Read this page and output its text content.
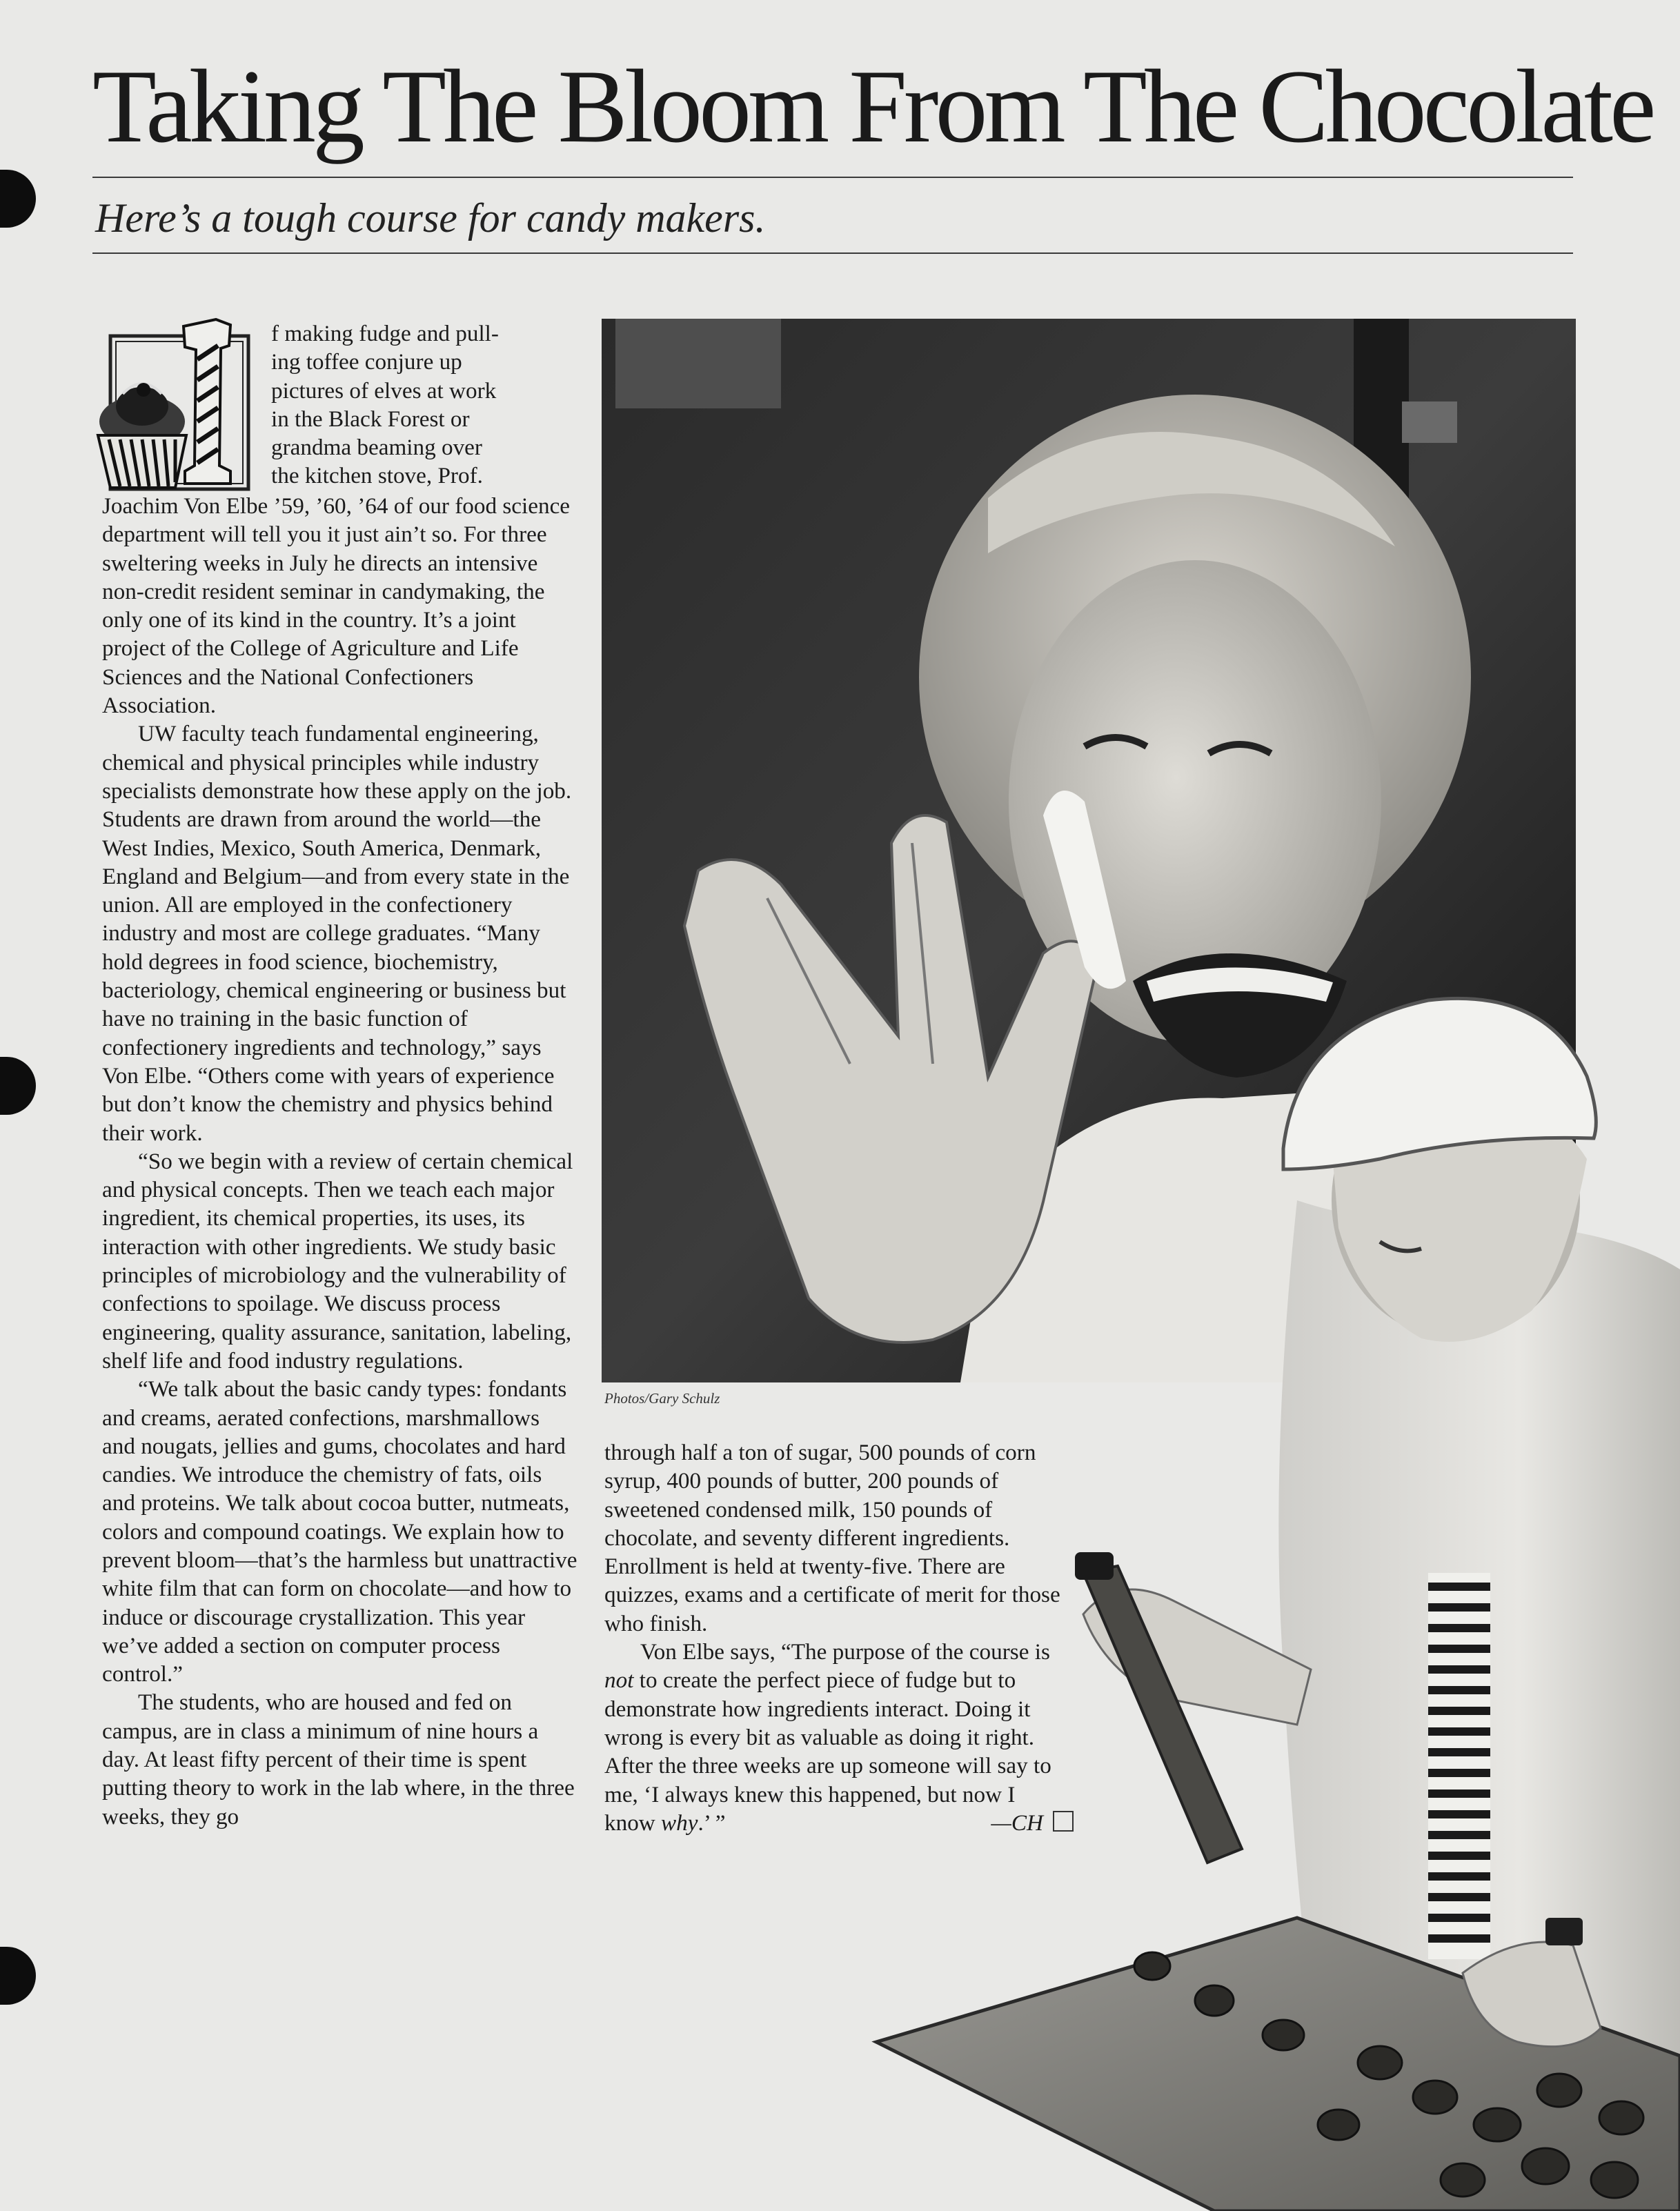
Taking The Bloom From The Chocolate
Here’s a tough course for candy makers.

f making fudge and pull-
ing toffee conjure up
pictures of elves at work
in the Black Forest or
grandma beaming over
the kitchen stove, Prof.
Joachim Von Elbe ’59, ’60, ’64 of our food science department will tell you it just ain’t so. For three sweltering weeks in July he directs an intensive non-credit resident seminar in candymaking, the only one of its kind in the country. It’s a joint project of the College of Agriculture and Life Sciences and the National Confectioners Association.

UW faculty teach fundamental engineering, chemical and physical principles while industry specialists demonstrate how these apply on the job. Students are drawn from around the world—the West Indies, Mexico, South America, Denmark, England and Belgium—and from every state in the union. All are employed in the confectionery industry and most are college graduates. “Many hold degrees in food science, biochemistry, bacteriology, chemical engineering or business but have no training in the basic function of confectionery ingredients and technology,” says Von Elbe. “Others come with years of experience but don’t know the chemistry and physics behind their work.

“So we begin with a review of certain chemical and physical concepts. Then we teach each major ingredient, its chemical properties, its uses, its interaction with other ingredients. We study basic principles of microbiology and the vulnerability of confections to spoilage. We discuss process engineering, quality assurance, sanitation, labeling, shelf life and food industry regulations.

“We talk about the basic candy types: fondants and creams, aerated confections, marshmallows and nougats, jellies and gums, chocolates and hard candies. We introduce the chemistry of fats, oils and proteins. We talk about cocoa butter, nutmeats, colors and compound coatings. We explain how to prevent bloom—that’s the harmless but unattractive white film that can form on chocolate—and how to induce or discourage crystallization. This year we’ve added a section on computer process control.”

The students, who are housed and fed on campus, are in class a minimum of nine hours a day. At least fifty percent of their time is spent putting theory to work in the lab where, in the three weeks, they go

Photos/Gary Schulz

through half a ton of sugar, 500 pounds of corn syrup, 400 pounds of butter, 200 pounds of sweetened condensed milk, 150 pounds of chocolate, and seventy different ingredients. Enrollment is held at twenty-five. There are quizzes, exams and a certificate of merit for those who finish.

Von Elbe says, “The purpose of the course is not to create the perfect piece of fudge but to demonstrate how ingredients interact. Doing it wrong is every bit as valuable as doing it right. After the three weeks are up someone will say to me, ‘I always knew this happened, but now I

know why.’ ”	—CH
